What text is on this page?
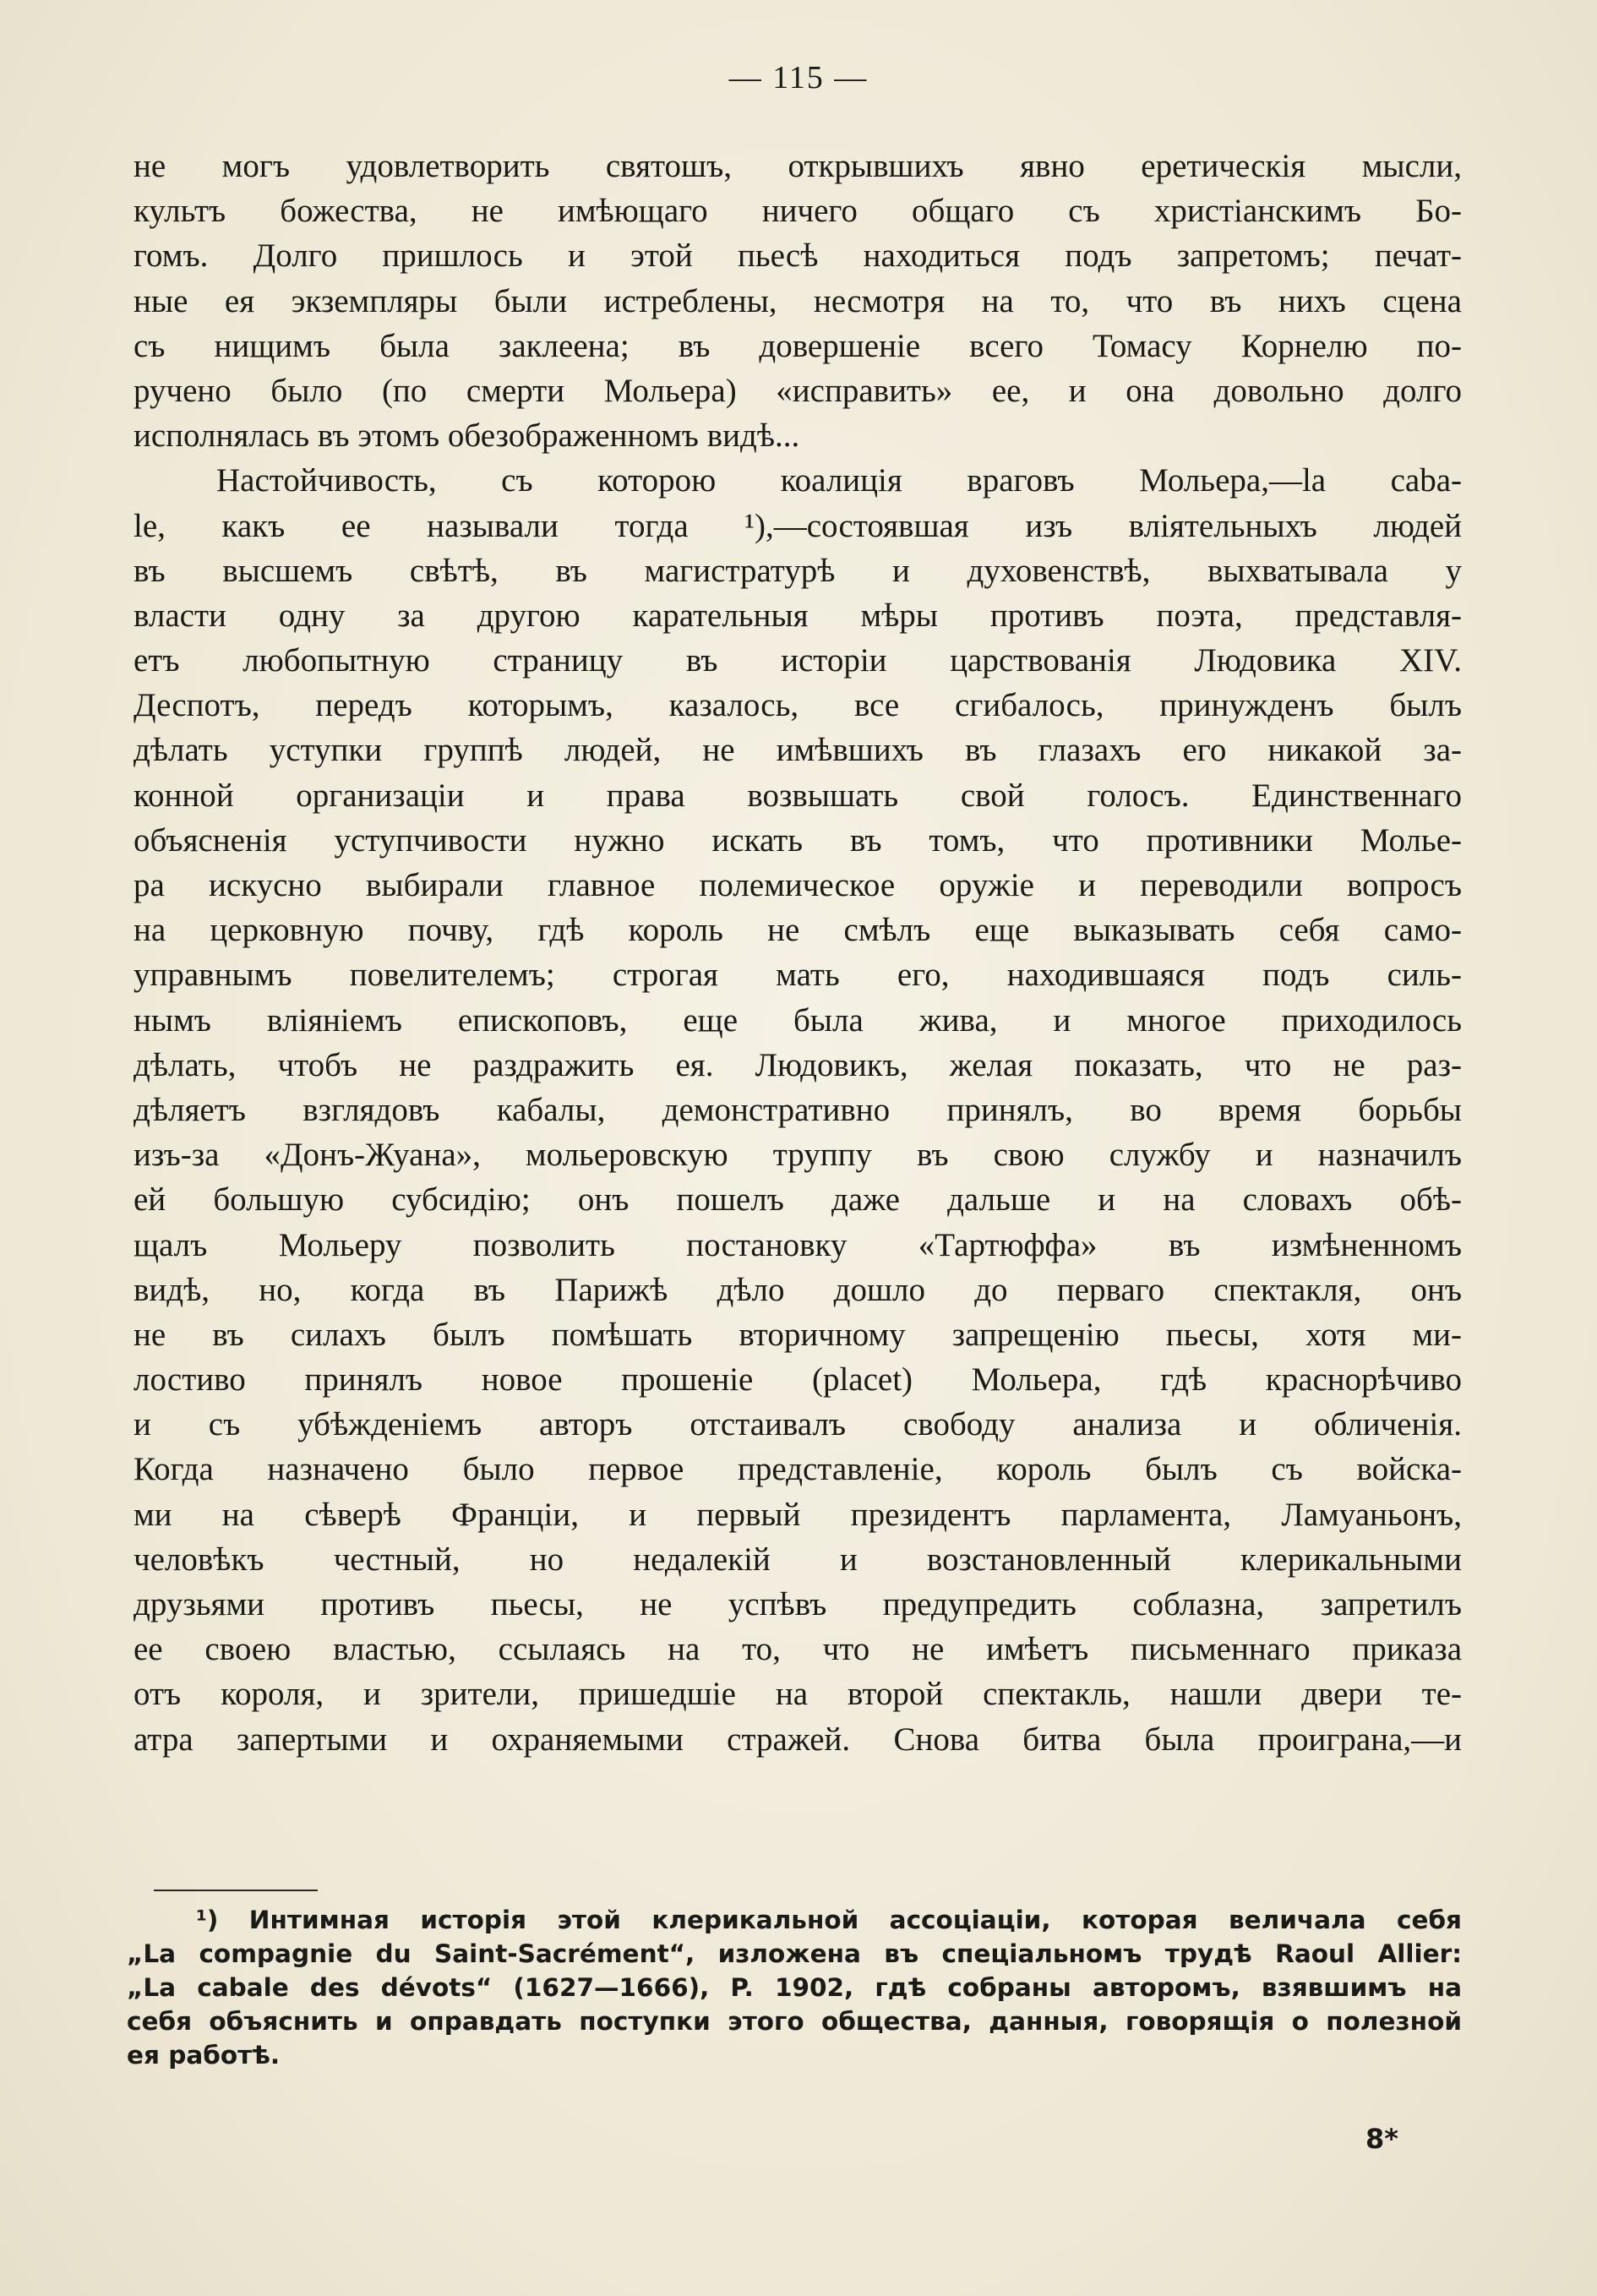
— 115 —
не могъ удовлетворить святошъ, открывшихъ явно еретическія мысли,
культъ божества, не имѣющаго ничего общаго съ христіанскимъ Бо-
гомъ. Долго пришлось и этой пьесѣ находиться подъ запретомъ; печат-
ные ея экземпляры были истреблены, несмотря на то, что въ нихъ сцена
съ нищимъ была заклеена; въ довершеніе всего Томасу Корнелю по-
ручено было (по смерти Мольера) «исправить» ее, и она довольно долго
исполнялась въ этомъ обезображенномъ видѣ...
Настойчивость, съ которою коалиція враговъ Мольера,—la cabа-
le, какъ ее называли тогда ¹),—состоявшая изъ вліятельныхъ людей
въ высшемъ свѣтѣ, въ магистратурѣ и духовенствѣ, выхватывала у
власти одну за другою карательныя мѣры противъ поэта, представля-
етъ любопытную страницу въ исторіи царствованія Людовика XIV.
Деспотъ, передъ которымъ, казалось, все сгибалось, принужденъ былъ
дѣлать уступки группѣ людей, не имѣвшихъ въ глазахъ его никакой за-
конной организаціи и права возвышать свой голосъ. Единственнаго
объясненія уступчивости нужно искать въ томъ, что противники Молье-
ра искусно выбирали главное полемическое оружіе и переводили вопросъ
на церковную почву, гдѣ король не смѣлъ еще выказывать себя само-
управнымъ повелителемъ; строгая мать его, находившаяся подъ силь-
нымъ вліяніемъ епископовъ, еще была жива, и многое приходилось
дѣлать, чтобъ не раздражить ея. Людовикъ, желая показать, что не раз-
дѣляетъ взглядовъ кабалы, демонстративно принялъ, во время борьбы
изъ-за «Донъ-Жуана», мольеровскую труппу въ свою службу и назначилъ
ей большую субсидію; онъ пошелъ даже дальше и на словахъ обѣ-
щалъ Мольеру позволить постановку «Тартюффа» въ измѣненномъ
видѣ, но, когда въ Парижѣ дѣло дошло до перваго спектакля, онъ
не въ силахъ былъ помѣшать вторичному запрещенію пьесы, хотя ми-
лостиво принялъ новое прошеніе (placet) Мольера, гдѣ краснорѣчиво
и съ убѣжденіемъ авторъ отстаивалъ свободу анализа и обличенія.
Когда назначено было первое представленіе, король былъ съ войска-
ми на сѣверѣ Франціи, и первый президентъ парламента, Ламуаньонъ,
человѣкъ честный, но недалекій и возстановленный клерикальными
друзьями противъ пьесы, не успѣвъ предупредить соблазна, запретилъ
ее своею властью, ссылаясь на то, что не имѣетъ письменнаго приказа
отъ короля, и зрители, пришедшіе на второй спектакль, нашли двери те-
атра запертыми и охраняемыми стражей. Снова битва была проиграна,—и
¹) Интимная исторія этой клерикальной ассоціаціи, которая величала себя
„La compagnie du Saint-Sacrément“, изложена въ спеціальномъ трудѣ Raoul Allier:
„La cabale des dévots“ (1627—1666), P. 1902, гдѣ собраны авторомъ, взявшимъ на
себя объяснить и оправдать поступки этого общества, данныя, говорящія о полезной
ея работѣ.
8*
